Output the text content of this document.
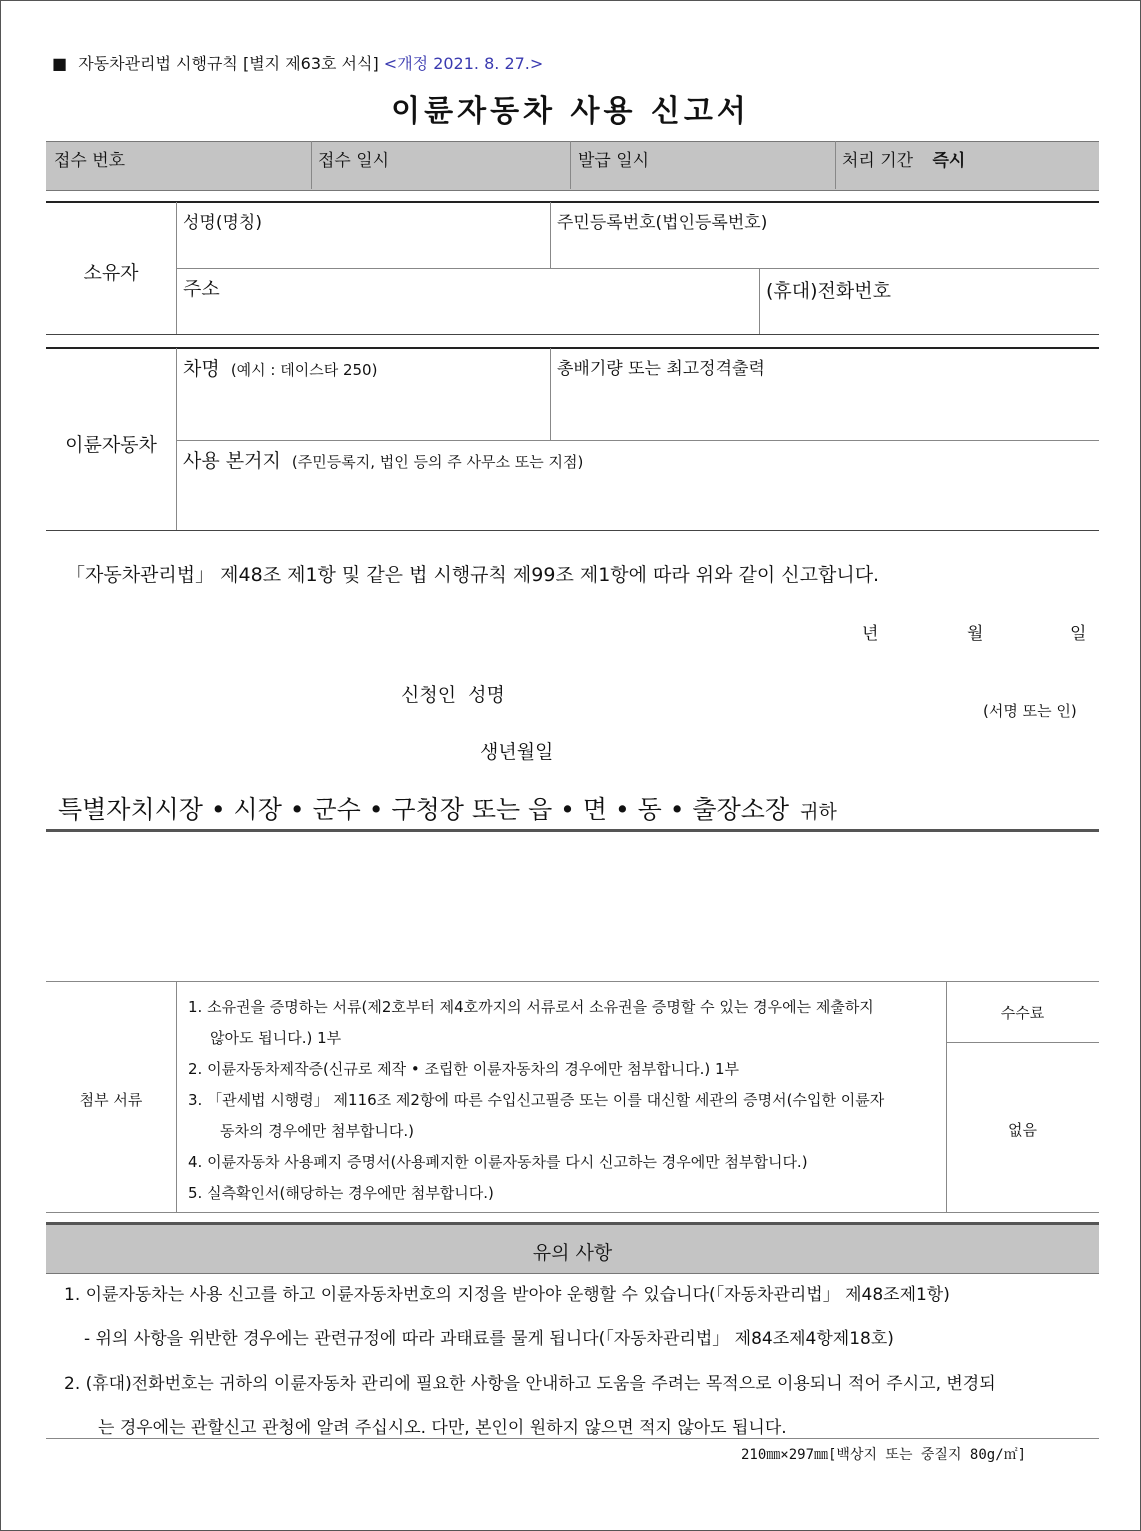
■ 자동차관리법 시행규칙 [별지 제63호 서식] <개정 2021. 8. 27.>
이륜자동차 사용 신고서
접수 번호	접수 일시	발급 일시	처리 기간 즉시
소유자
성명(명칭)	주민등록번호(법인등록번호)
주소	(휴대)전화번호
이륜자동차
차명 (예시 : 데이스타 250)	총배기량 또는 최고정격출력
사용 본거지 (주민등록지, 법인 등의 주 사무소 또는 지점)
「자동차관리법」 제48조 제1항 및 같은 법 시행규칙 제99조 제1항에 따라 위와 같이 신고합니다.
년	월	일
신청인  성명
(서명 또는 인)
생년월일
특별자치시장 • 시장 • 군수 • 구청장 또는 읍 • 면 • 동 • 출장소장 귀하
첨부 서류
수수료
없음
1. 소유권을 증명하는 서류(제2호부터 제4호까지의 서류로서 소유권을 증명할 수 있는 경우에는 제출하지
않아도 됩니다.) 1부
2. 이륜자동차제작증(신규로 제작 • 조립한 이륜자동차의 경우에만 첨부합니다.) 1부
3. 「관세법 시행령」 제116조 제2항에 따른 수입신고필증 또는 이를 대신할 세관의 증명서(수입한 이륜자
동차의 경우에만 첨부합니다.)
4. 이륜자동차 사용폐지 증명서(사용폐지한 이륜자동차를 다시 신고하는 경우에만 첨부합니다.)
5. 실측확인서(해당하는 경우에만 첨부합니다.)
유의 사항
1. 이륜자동차는 사용 신고를 하고 이륜자동차번호의 지정을 받아야 운행할 수 있습니다(「자동차관리법」 제48조제1항)
- 위의 사항을 위반한 경우에는 관련규정에 따라 과태료를 물게 됩니다(「자동차관리법」 제84조제4항제18호)
2. (휴대)전화번호는 귀하의 이륜자동차 관리에 필요한 사항을 안내하고 도움을 주려는 목적으로 이용되니 적어 주시고, 변경되
는 경우에는 관할신고 관청에 알려 주십시오. 다만, 본인이 원하지 않으면 적지 않아도 됩니다.
210㎜×297㎜[백상지 또는 중질지 80g/㎡]
